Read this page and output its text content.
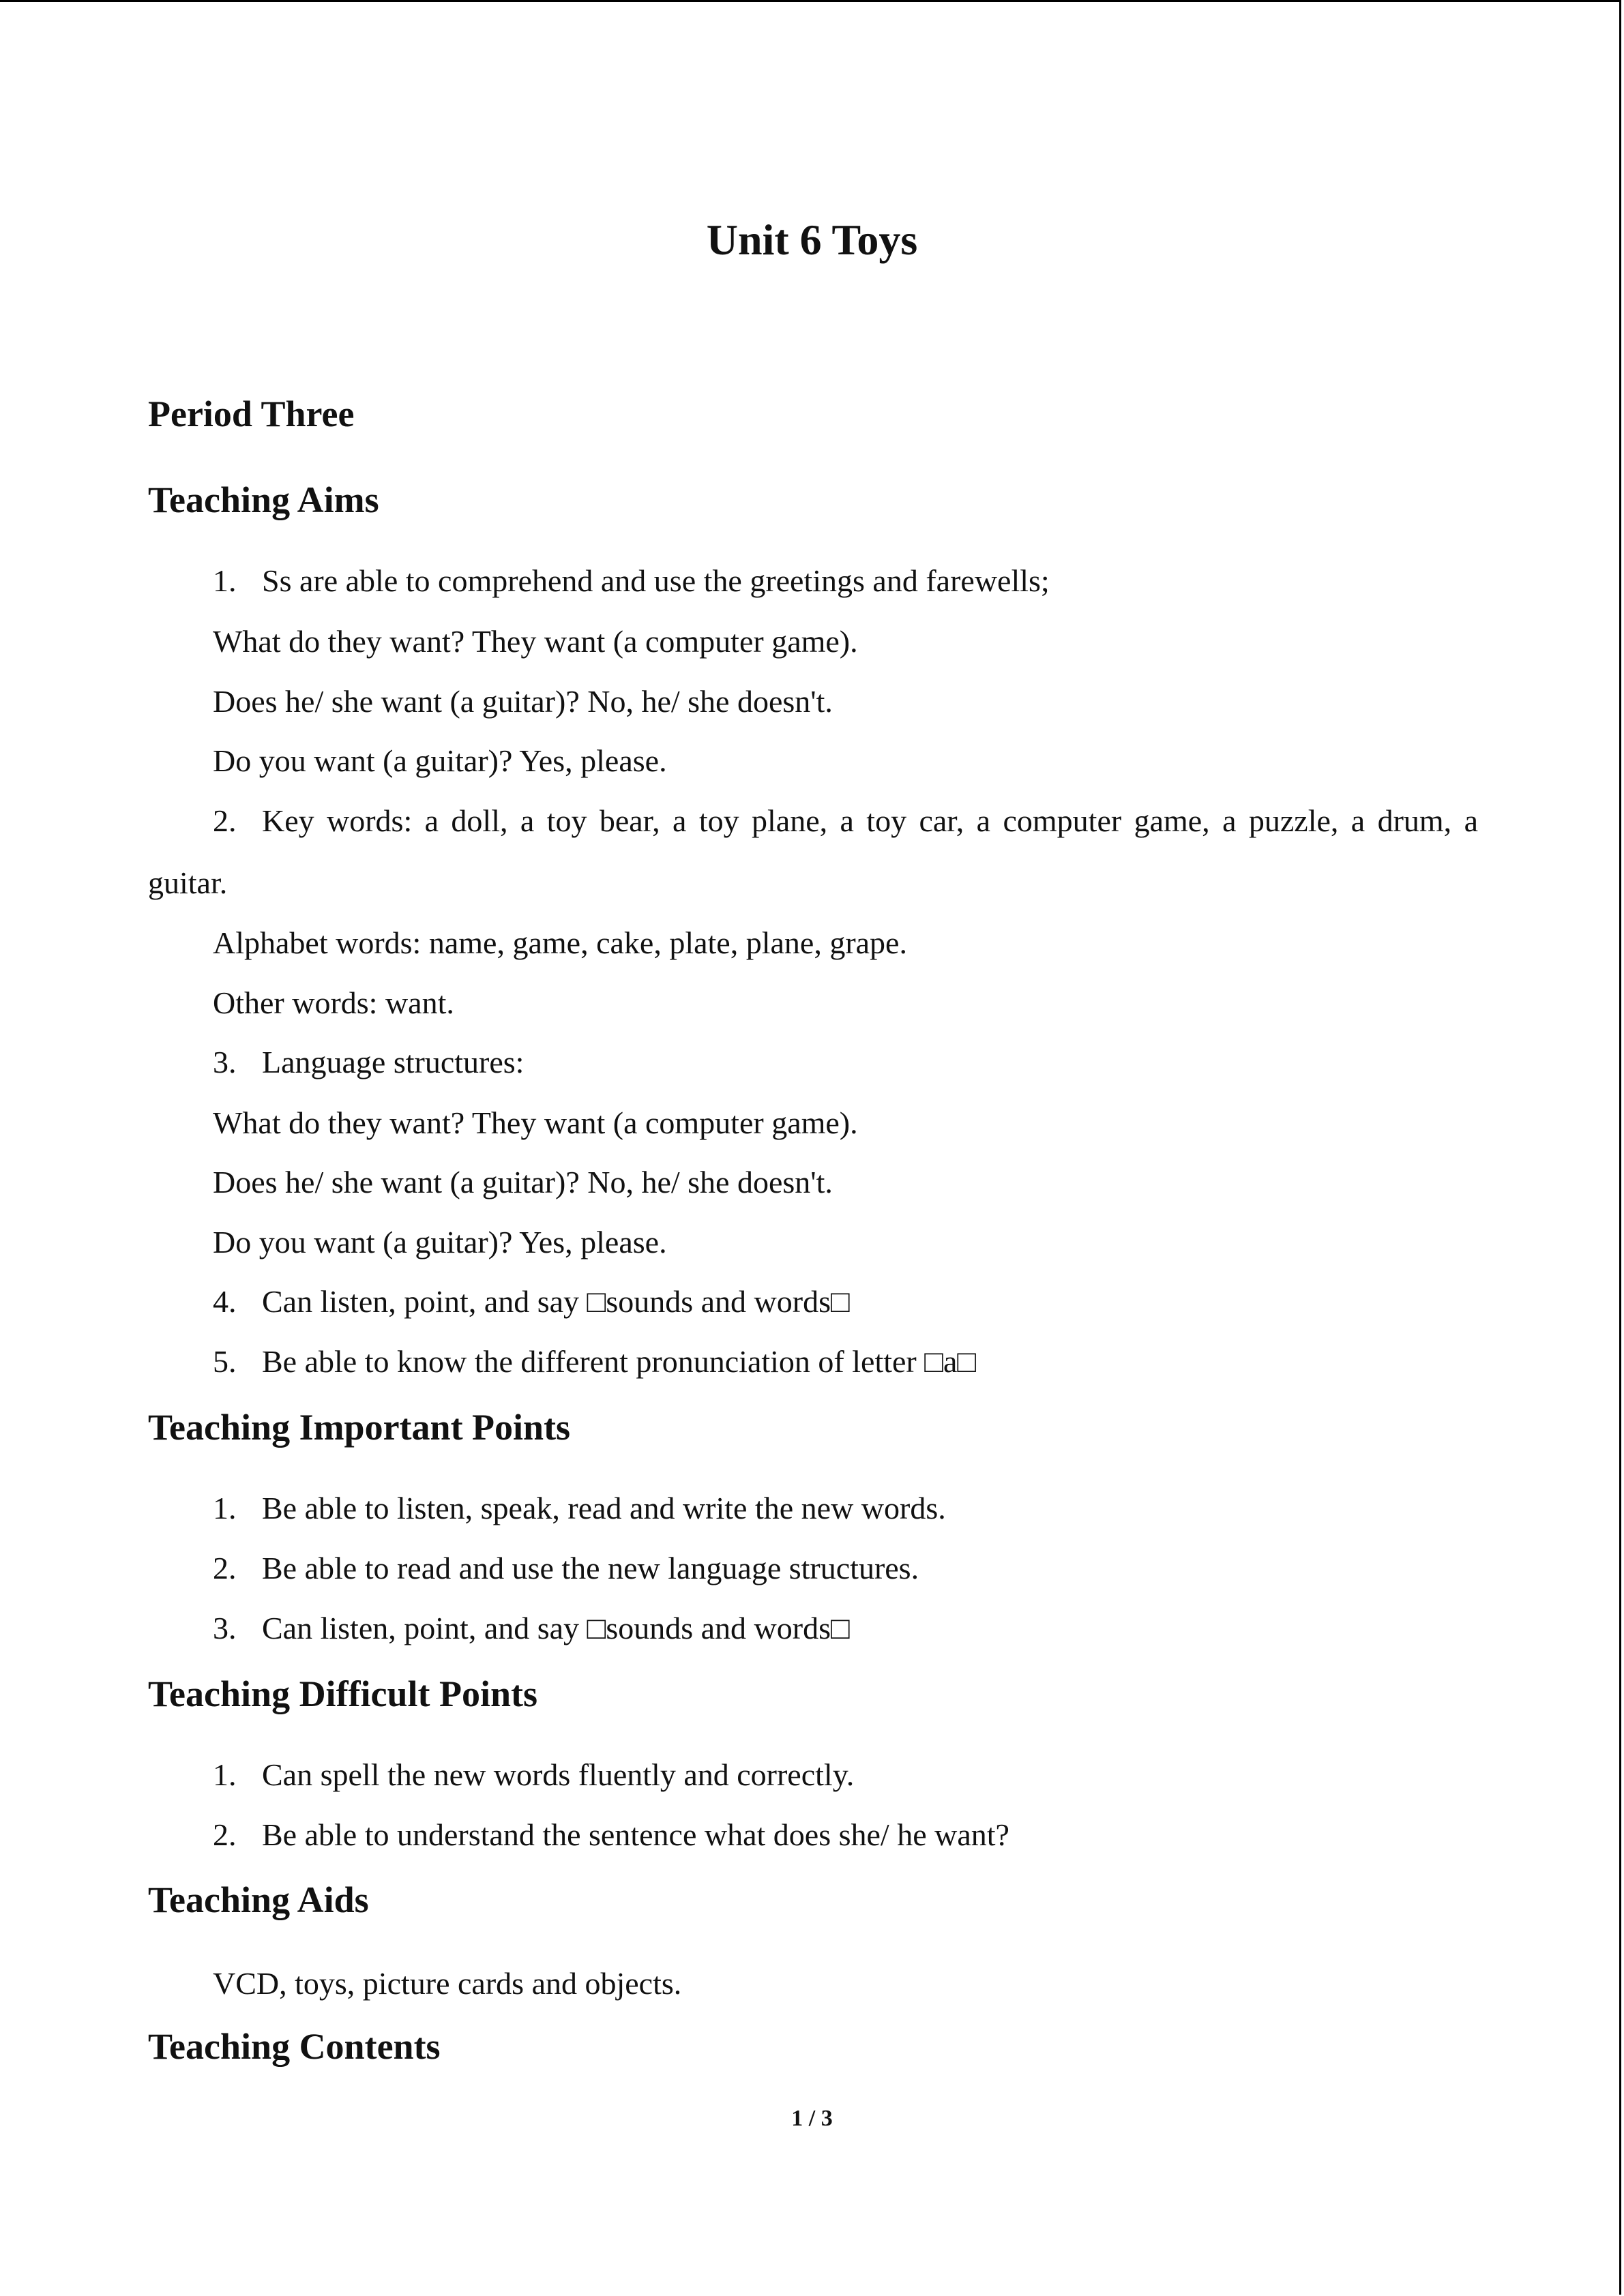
Unit 6 Toys
Period Three
Teaching Aims
1. Ss are able to comprehend and use the greetings and farewells;
What do they want? They want (a computer game).
Does he/ she want (a guitar)? No, he/ she doesn't.
Do you want (a guitar)? Yes, please.
2. Key words: a doll, a toy bear, a toy plane, a toy car, a computer game, a puzzle, a drum, a
guitar.
Alphabet words: name, game, cake, plate, plane, grape.
Other words: want.
3. Language structures:
What do they want? They want (a computer game).
Does he/ she want (a guitar)? No, he/ she doesn't.
Do you want (a guitar)? Yes, please.
4. Can listen, point, and say □sounds and words□
5. Be able to know the different pronunciation of letter □a□
Teaching Important Points
1. Be able to listen, speak, read and write the new words.
2. Be able to read and use the new language structures.
3. Can listen, point, and say □sounds and words□
Teaching Difficult Points
1. Can spell the new words fluently and correctly.
2. Be able to understand the sentence what does she/ he want?
Teaching Aids
VCD, toys, picture cards and objects.
Teaching Contents
1 / 3
